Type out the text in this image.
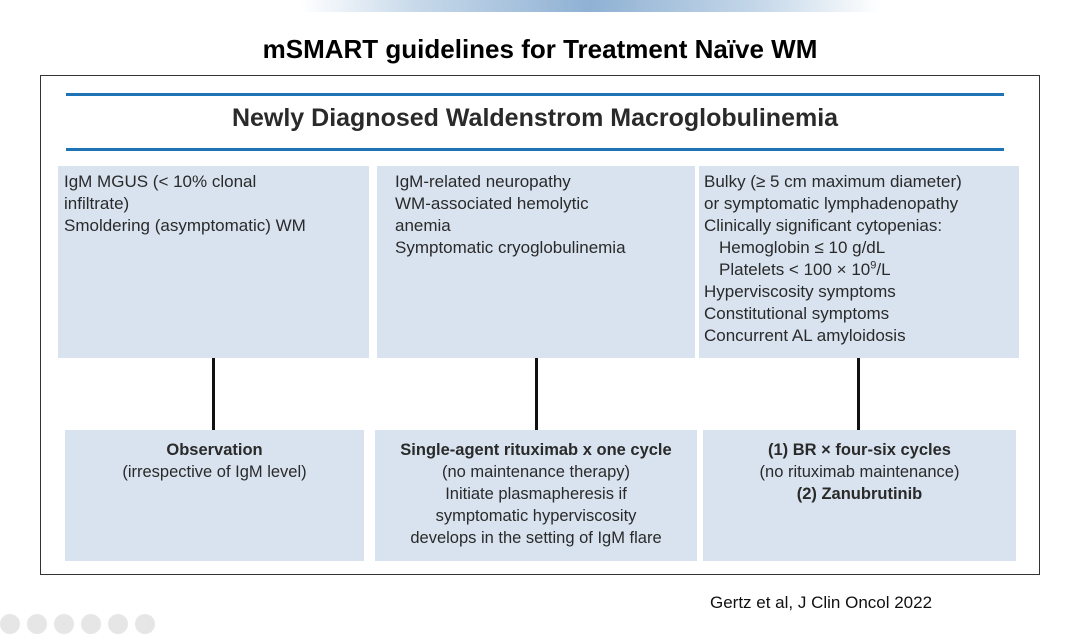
mSMART guidelines for Treatment Naïve WM
Newly Diagnosed Waldenstrom Macroglobulinemia
IgM MGUS (< 10% clonal
infiltrate)
Smoldering (asymptomatic) WM
IgM-related neuropathy
WM-associated hemolytic
anemia
Symptomatic cryoglobulinemia
Bulky (≥ 5 cm maximum diameter)
or symptomatic lymphadenopathy
Clinically significant cytopenias:
Hemoglobin ≤ 10 g/dL
Platelets < $100 \times 10^9/L$
Hyperviscosity symptoms
Constitutional symptoms
Concurrent AL amyloidosis
Observation
(irrespective of IgM level)
Single-agent rituximab x one cycle
(no maintenance therapy)
Initiate plasmapheresis if
symptomatic hyperviscosity
develops in the setting of IgM flare
(1) BR × four-six cycles
(no rituximab maintenance)
(2) Zanubrutinib
Gertz et al, J Clin Oncol 2022
